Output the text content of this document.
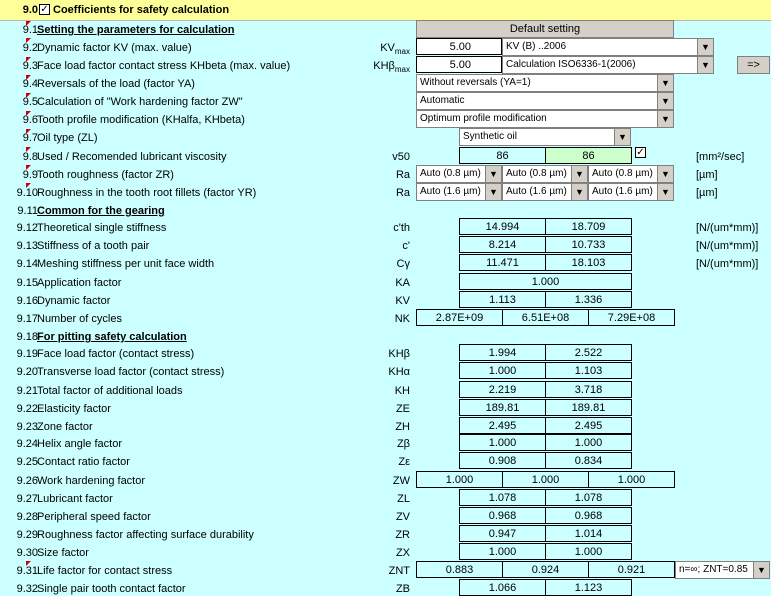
9.0 ✓ Coefficients for safety calculation
9.1 Setting the parameters for calculation	Default setting
9.2 Dynamic factor KV (max. value)	$KV_{max}$	5.00	KV (B) ..2006	▼
9.3 Face load factor contact stress KHbeta (max. value)	KHβ$_{max}$	5.00	Calculation ISO6336-1(2006)	▼	=>
9.4 Reversals of the load (factor YA)	Without reversals (YA=1)	▼
9.5 Calculation of "Work hardening factor ZW"	Automatic	▼
9.6 Tooth profile modification (KHalfa, KHbeta)	Optimum profile modification	▼
9.7 Oil type (ZL)	Synthetic oil	▼
9.8 Used / Recomended lubricant viscosity	v50	86	86	✓	[mm²/sec]
9.9 Tooth roughness (factor ZR)	Ra	Auto (0.8 µm) ▼ Auto (0.8 µm) ▼ Auto (0.8 µm) ▼ [µm]
9.10 Roughness in the tooth root fillets (factor YR)	Ra	Auto (1.6 µm) ▼ Auto (1.6 µm) ▼ Auto (1.6 µm) ▼ [µm]
9.11 Common for the gearing
9.12 Theoretical single stiffness	c'th	14.994	18.709	[N/(um*mm)]
9.13 Stiffness of a tooth pair	c'	8.214	10.733	[N/(um*mm)]
9.14 Meshing stiffness per unit face width	Cγ	11.471	18.103	[N/(um*mm)]
9.15 Application factor	KA	1.000
9.16 Dynamic factor	KV	1.113	1.336
9.17 Number of cycles	NK	2.87E+09	6.51E+08	7.29E+08
9.18 For pitting safety calculation
9.19 Face load factor (contact stress)	KHβ	1.994	2.522
9.20 Transverse load factor (contact stress)	KHα	1.000	1.103
9.21 Total factor of additional loads	KH	2.219	3.718
9.22 Elasticity factor	ZE	189.81	189.81
9.23 Zone factor	ZH	2.495	2.495
9.24 Helix angle factor	Zβ	1.000	1.000
9.25 Contact ratio factor	Zε	0.908	0.834
9.26 Work hardening factor	ZW	1.000	1.000	1.000
9.27 Lubricant factor	ZL	1.078	1.078
9.28 Peripheral speed factor	ZV	0.968	0.968
9.29 Roughness factor affecting surface durability	ZR	0.947	1.014
9.30 Size factor	ZX	1.000	1.000
9.31 Life factor for contact stress	ZNT	0.883	0.924	0.921	n=∞; ZNT=0.85	▼
9.32 Single pair tooth contact factor	ZB	1.066	1.123
